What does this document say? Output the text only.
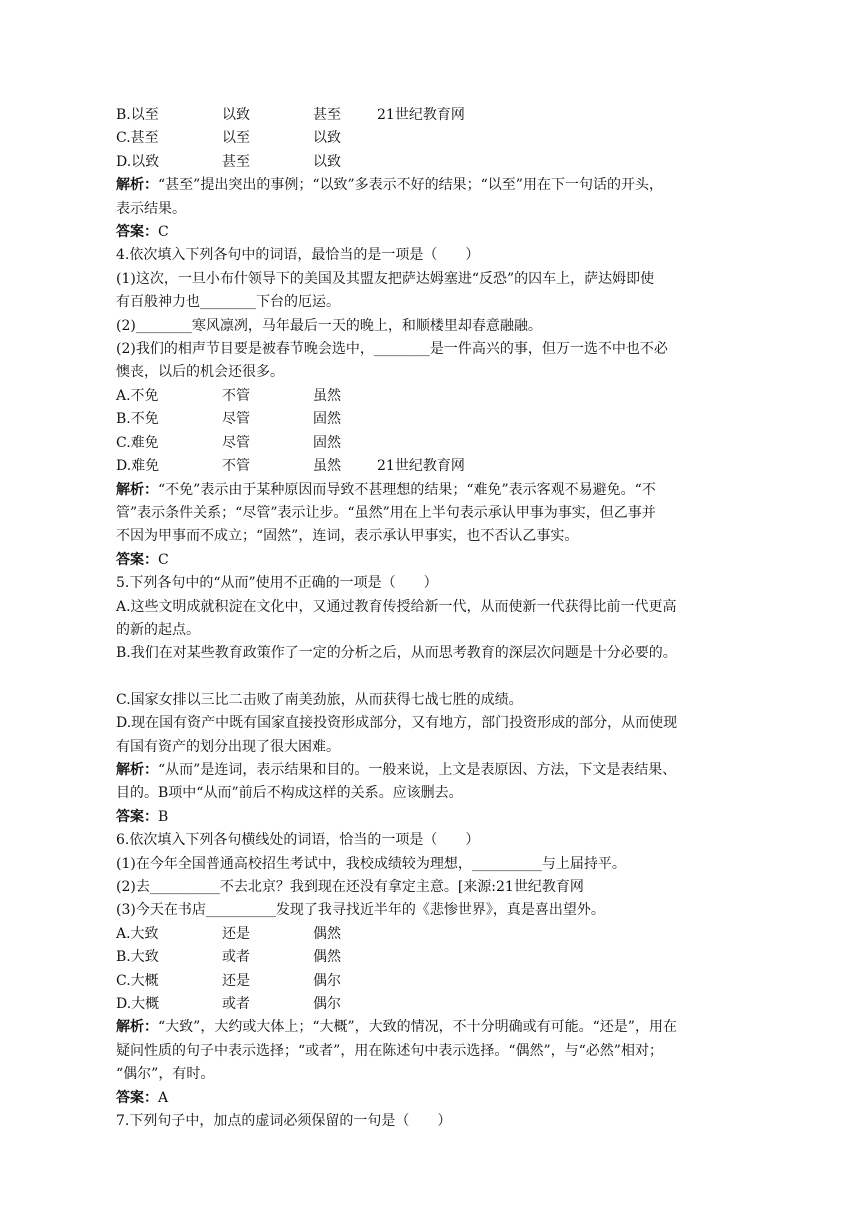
B.以至	以致	甚至	21世纪教育网
C.甚至	以至	以致
D.以致	甚至	以致
解析：“甚至”提出突出的事例；“以致”多表示不好的结果；“以至”用在下一句话的开头，
表示结果。
答案：C
4.依次填入下列各句中的词语，最恰当的是一项是（　　）
(1)这次，一旦小布什领导下的美国及其盟友把萨达姆塞进“反恐”的囚车上，萨达姆即使
有百般神力也________下台的厄运。
(2)________寒风凛冽，马年最后一天的晚上，和顺楼里却春意融融。
(2)我们的相声节目要是被春节晚会选中，________是一件高兴的事，但万一选不中也不必
懊丧，以后的机会还很多。
A.不免	不管	虽然
B.不免	尽管	固然
C.难免	尽管	固然
D.难免	不管	虽然	21世纪教育网
解析：“不免”表示由于某种原因而导致不甚理想的结果；“难免”表示客观不易避免。“不
管”表示条件关系；“尽管”表示让步。“虽然”用在上半句表示承认甲事为事实，但乙事并
不因为甲事而不成立；“固然”，连词，表示承认甲事实，也不否认乙事实。
答案：C
5.下列各句中的“从而”使用不正确的一项是（　　）
A.这些文明成就积淀在文化中，又通过教育传授给新一代，从而使新一代获得比前一代更高
的新的起点。
B.我们在对某些教育政策作了一定的分析之后，从而思考教育的深层次问题是十分必要的。
C.国家女排以三比二击败了南美劲旅，从而获得七战七胜的成绩。
D.现在国有资产中既有国家直接投资形成部分，又有地方，部门投资形成的部分，从而使现
有国有资产的划分出现了很大困难。
解析：“从而”是连词，表示结果和目的。一般来说，上文是表原因、方法，下文是表结果、
目的。B项中“从而”前后不构成这样的关系。应该删去。
答案：B
6.依次填入下列各句横线处的词语，恰当的一项是（　　）
(1)在今年全国普通高校招生考试中，我校成绩较为理想，__________与上届持平。
(2)去__________不去北京？我到现在还没有拿定主意。[来源:21世纪教育网
(3)今天在书店__________发现了我寻找近半年的《悲惨世界》，真是喜出望外。
A.大致	还是	偶然
B.大致	或者	偶然
C.大概	还是	偶尔
D.大概	或者	偶尔
解析：“大致”，大约或大体上；“大概”，大致的情况，不十分明确或有可能。“还是”，用在
疑问性质的句子中表示选择；“或者”，用在陈述句中表示选择。“偶然”，与“必然”相对；
“偶尔”，有时。
答案：A
7.下列句子中，加点的虚词必须保留的一句是（　　）
